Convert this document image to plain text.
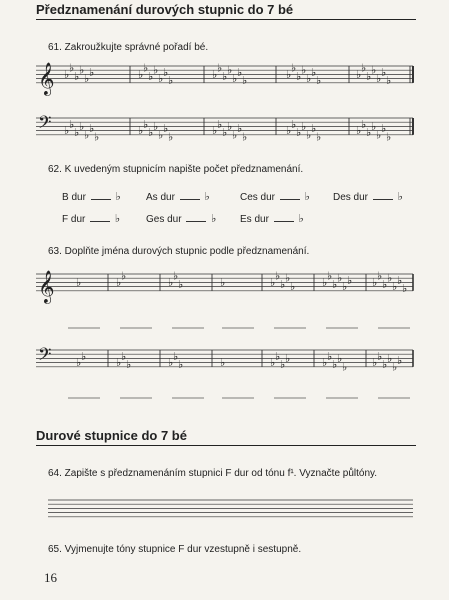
Předznamenání durových stupnic do 7 bé
61. Zakroužkujte správné pořadí bé.
62. K uvedeným stupnicím napište počet předznamenání.
B dur	♭	As dur	♭	Ces dur	♭ Des dur	♭
F dur	♭	Ges dur	♭ Es dur	♭
63. Doplňte jména durových stupnic podle předznamenání.
Durové stupnice do 7 bé
64. Zapište s předznamenáním stupnici F dur od tónu f¹. Vyznačte půltóny.
65. Vyjmenujte tóny stupnice F dur vzestupně i sestupně.
16
𝄞 ♭ ♭
♭ ♭
♭ ♭	♭ ♭
♭ ♭
♭ ♭
♭	♭ ♭
♭ ♭
♭ ♭
♭	♭ ♭
♭ ♭
♭ ♭
♭	♭ ♭
♭ ♭
♭ ♭
♭
𝄢 ♭ ♭
♭ ♭
♭ ♭
♭	♭ ♭
♭ ♭
♭ ♭
♭	♭ ♭
♭ ♭
♭ ♭
♭	♭ ♭
♭ ♭
♭ ♭
♭	♭ ♭
♭ ♭
♭ ♭
♭
𝄞 ♭	♭ ♭	♭ ♭
♭	♭	♭ ♭
♭ ♭
♭ ♭ ♭
♭ ♭
♭ ♭ ♭ ♭
♭ ♭
♭ ♭
♭
𝄢 ♭ ♭	♭ ♭
♭	♭ ♭
♭	♭	♭ ♭
♭ ♭	♭ ♭
♭ ♭
♭ ♭ ♭
♭ ♭
♭ ♭
